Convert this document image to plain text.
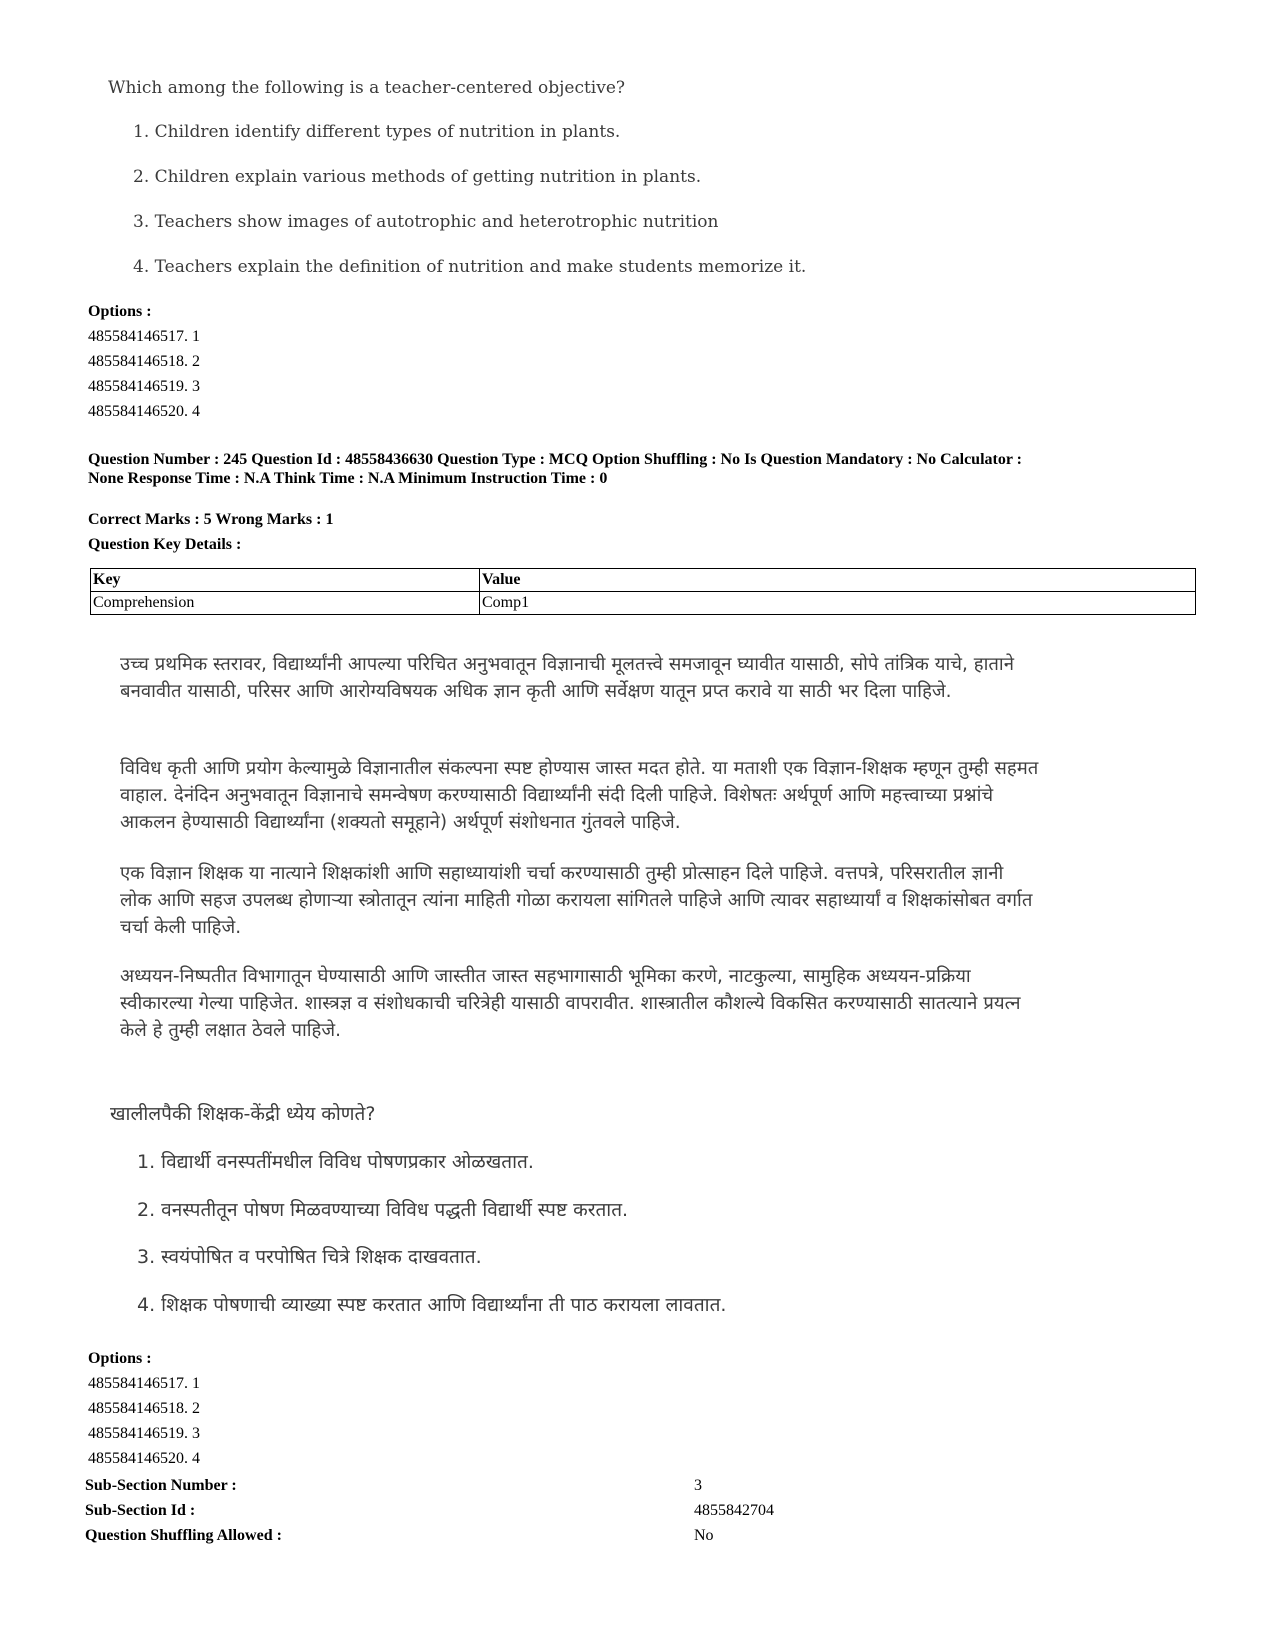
Which among the following is a teacher-centered objective?
1. Children identify different types of nutrition in plants.
2. Children explain various methods of getting nutrition in plants.
3. Teachers show images of autotrophic and heterotrophic nutrition
4. Teachers explain the definition of nutrition and make students memorize it.
Options :
485584146517. 1
485584146518. 2
485584146519. 3
485584146520. 4
Question Number : 245 Question Id : 48558436630 Question Type : MCQ Option Shuffling : No Is Question Mandatory : No Calculator :
None Response Time : N.A Think Time : N.A Minimum Instruction Time : 0
Correct Marks : 5 Wrong Marks : 1
Question Key Details :
Key	Value
Comprehension	Comp1

उच्च प्रथमिक स्तरावर, विद्यार्थ्यांनी आपल्या परिचित अनुभवातून विज्ञानाची मूलतत्त्वे समजावून घ्यावीत यासाठी, सोपे तांत्रिक याचे, हाताने बनवावीत यासाठी, परिसर आणि आरोग्यविषयक अधिक ज्ञान कृती आणि सर्वेक्षण यातून प्रप्त करावे या साठी भर दिला पाहिजे.

विविध कृती आणि प्रयोग केल्यामुळे विज्ञानातील संकल्पना स्पष्ट होण्यास जास्त मदत होते. या मताशी एक विज्ञान-शिक्षक म्हणून तुम्ही सहमत वाहाल. देनंदिन अनुभवातून विज्ञानाचे समन्वेषण करण्यासाठी विद्यार्थ्यांनी संदी दिली पाहिजे. विशेषतः अर्थपूर्ण आणि महत्त्वाच्या प्रश्नांचे आकलन हेण्यासाठी विद्यार्थ्यांना (शक्यतो समूहाने) अर्थपूर्ण संशोधनात गुंतवले पाहिजे.

एक विज्ञान शिक्षक या नात्याने शिक्षकांशी आणि सहाध्यायांशी चर्चा करण्यासाठी तुम्ही प्रोत्साहन दिले पाहिजे. वत्तपत्रे, परिसरातील ज्ञानी लोक आणि सहज उपलब्ध होणाऱ्या स्त्रोतातून त्यांना माहिती गोळा करायला सांगितले पाहिजे आणि त्यावर सहाध्यार्यां व शिक्षकांसोबत वर्गात चर्चा केली पाहिजे.

अध्ययन-निष्पतीत विभागातून घेण्यासाठी आणि जास्तीत जास्त सहभागासाठी भूमिका करणे, नाटकुल्या, सामुहिक अध्ययन-प्रक्रिया स्वीकारल्या गेल्या पाहिजेत. शास्त्रज्ञ व संशोधकाची चरित्रेही यासाठी वापरावीत. शास्त्रातील कौशल्ये विकसित करण्यासाठी सातत्याने प्रयत्न केले हे तुम्ही लक्षात ठेवले पाहिजे.

खालीलपैकी शिक्षक-केंद्री ध्येय कोणते?
1. विद्यार्थी वनस्पतींमधील विविध पोषणप्रकार ओळखतात.
2. वनस्पतीतून पोषण मिळवण्याच्या विविध पद्धती विद्यार्थी स्पष्ट करतात.
3. स्वयंपोषित व परपोषित चित्रे शिक्षक दाखवतात.
4. शिक्षक पोषणाची व्याख्या स्पष्ट करतात आणि विद्यार्थ्यांना ती पाठ करायला लावतात.
Options :
485584146517. 1
485584146518. 2
485584146519. 3
485584146520. 4
Sub-Section Number :	3
Sub-Section Id :	4855842704
Question Shuffling Allowed :	No
